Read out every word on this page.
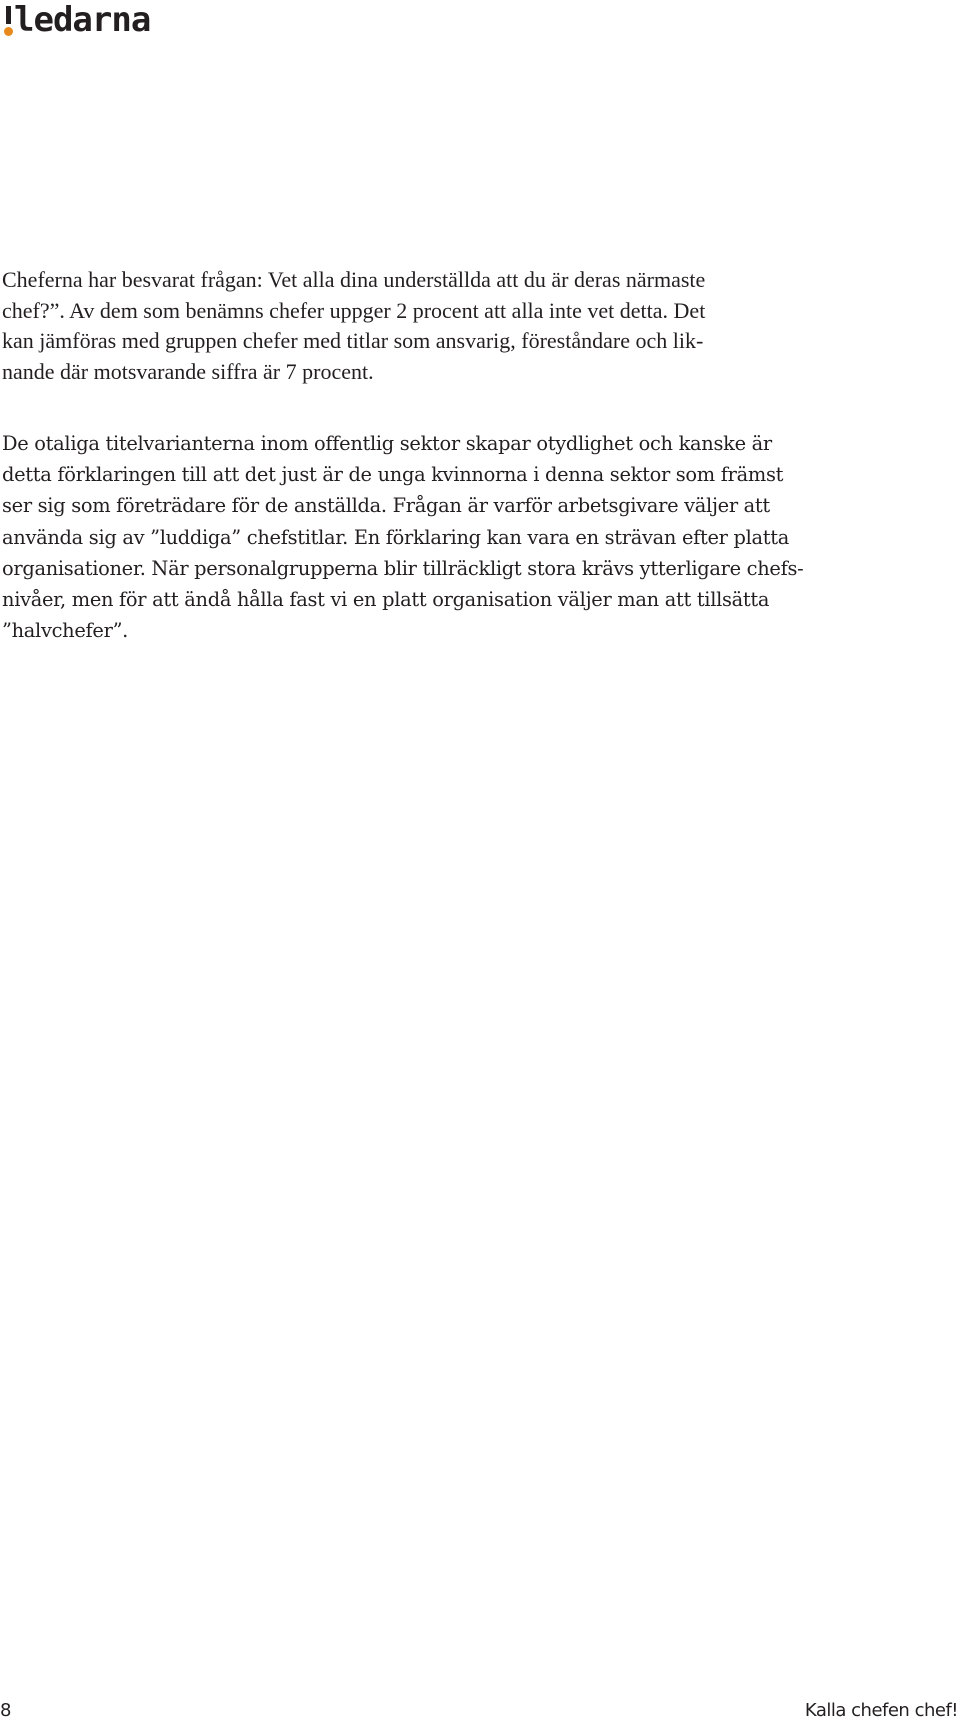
ledarna

Cheferna har besvarat frågan: Vet alla dina underställda att du är deras närmaste
chef?”. Av dem som benämns chefer uppger 2 procent att alla inte vet detta. Det
kan jämföras med gruppen chefer med titlar som ansvarig, föreståndare och lik-
nande där motsvarande siffra är 7 procent.

De otaliga titelvarianterna inom offentlig sektor skapar otydlighet och kanske är
detta förklaringen till att det just är de unga kvinnorna i denna sektor som främst
ser sig som företrädare för de anställda. Frågan är varför arbetsgivare väljer att
använda sig av ”luddiga” chefstitlar. En förklaring kan vara en strävan efter platta
organisationer. När personalgrupperna blir tillräckligt stora krävs ytterligare chefs-
nivåer, men för att ändå hålla fast vi en platt organisation väljer man att tillsätta
”halvchefer”.

8	Kalla chefen chef!
